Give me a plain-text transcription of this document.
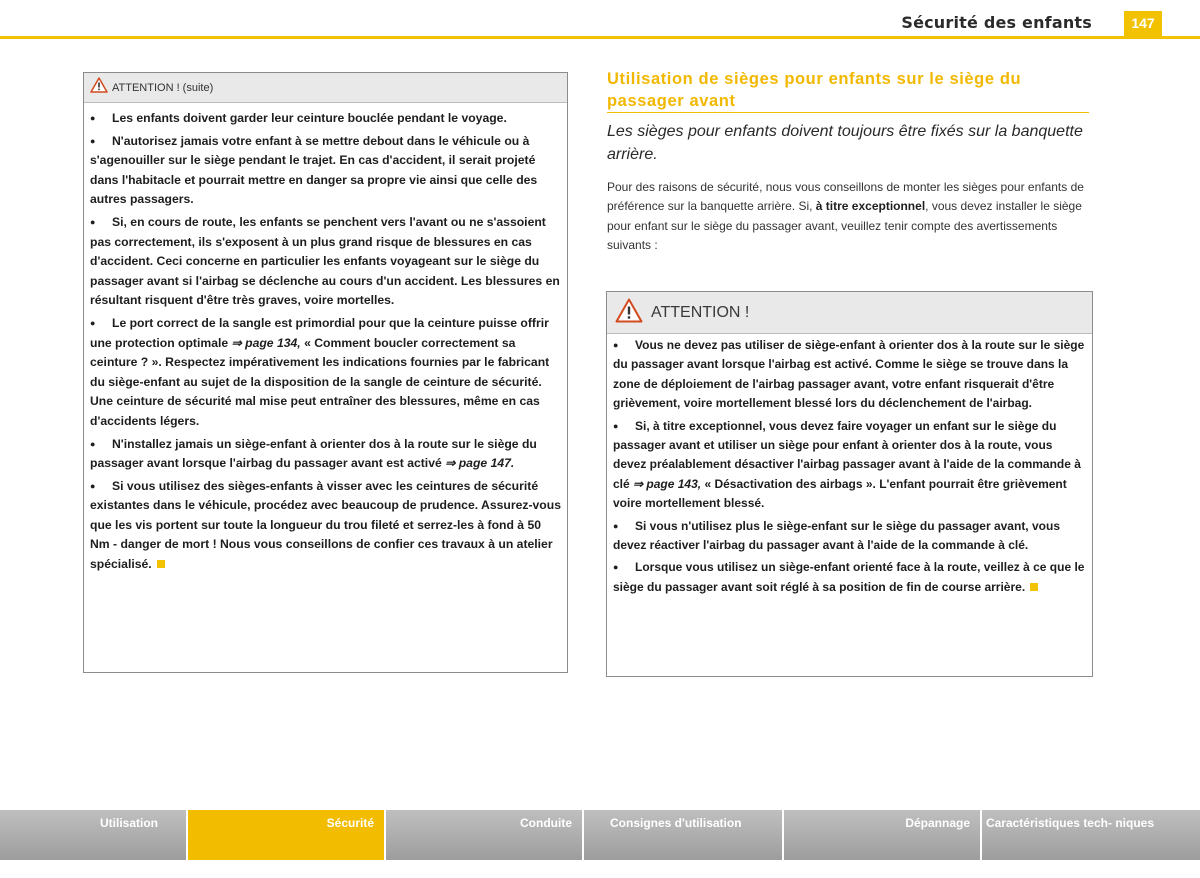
Sécurité des enfants	147
ATTENTION ! (suite)

● Les enfants doivent garder leur ceinture bouclée pendant le voyage.

● N'autorisez jamais votre enfant à se mettre debout dans le véhicule ou à s'agenouiller sur le siège pendant le trajet. En cas d'accident, il serait projeté dans l'habitacle et pourrait mettre en danger sa propre vie ainsi que celle des autres passagers.

● Si, en cours de route, les enfants se penchent vers l'avant ou ne s'assoient pas correctement, ils s'exposent à un plus grand risque de blessures en cas d'accident. Ceci concerne en particulier les enfants voyageant sur le siège du passager avant si l'airbag se déclenche au cours d'un accident. Les blessures en résultant risquent d'être très graves, voire mortelles.

● Le port correct de la sangle est primordial pour que la ceinture puisse offrir une protection optimale ⇒ page 134, « Comment boucler correctement sa ceinture ? ». Respectez impérativement les indications fournies par le fabricant du siège-enfant au sujet de la disposition de la sangle de ceinture de sécurité. Une ceinture de sécurité mal mise peut entraîner des blessures, même en cas d'accidents légers.

● N'installez jamais un siège-enfant à orienter dos à la route sur le siège du passager avant lorsque l'airbag du passager avant est activé ⇒ page 147.

● Si vous utilisez des sièges-enfants à visser avec les ceintures de sécurité existantes dans le véhicule, procédez avec beaucoup de prudence. Assurez-vous que les vis portent sur toute la longueur du trou fileté et serrez-les à fond à 50 Nm - danger de mort ! Nous vous conseillons de confier ces travaux à un atelier spécialisé.

Utilisation de sièges pour enfants sur le siège du passager avant
Les sièges pour enfants doivent toujours être fixés sur la banquette arrière.
Pour des raisons de sécurité, nous vous conseillons de monter les sièges pour enfants de préférence sur la banquette arrière. Si, à titre exceptionnel, vous devez installer le siège pour enfant sur le siège du passager avant, veuillez tenir compte des avertissements suivants :
ATTENTION !

● Vous ne devez pas utiliser de siège-enfant à orienter dos à la route sur le siège du passager avant lorsque l'airbag est activé. Comme le siège se trouve dans la zone de déploiement de l'airbag passager avant, votre enfant risquerait d'être grièvement, voire mortellement blessé lors du déclenchement de l'airbag.

● Si, à titre exceptionnel, vous devez faire voyager un enfant sur le siège du passager avant et utiliser un siège pour enfant à orienter dos à la route, vous devez préalablement désactiver l'airbag passager avant à l'aide de la commande à clé ⇒ page 143, « Désactivation des airbags ». L'enfant pourrait être grièvement voire mortellement blessé.

● Si vous n'utilisez plus le siège-enfant sur le siège du passager avant, vous devez réactiver l'airbag du passager avant à l'aide de la commande à clé.

● Lorsque vous utilisez un siège-enfant orienté face à la route, veillez à ce que le siège du passager avant soit réglé à sa position de fin de course arrière.

Utilisation	Sécurité	Conduite	Consignes d'utilisation	Dépannage	Caractéristiques tech- niques
